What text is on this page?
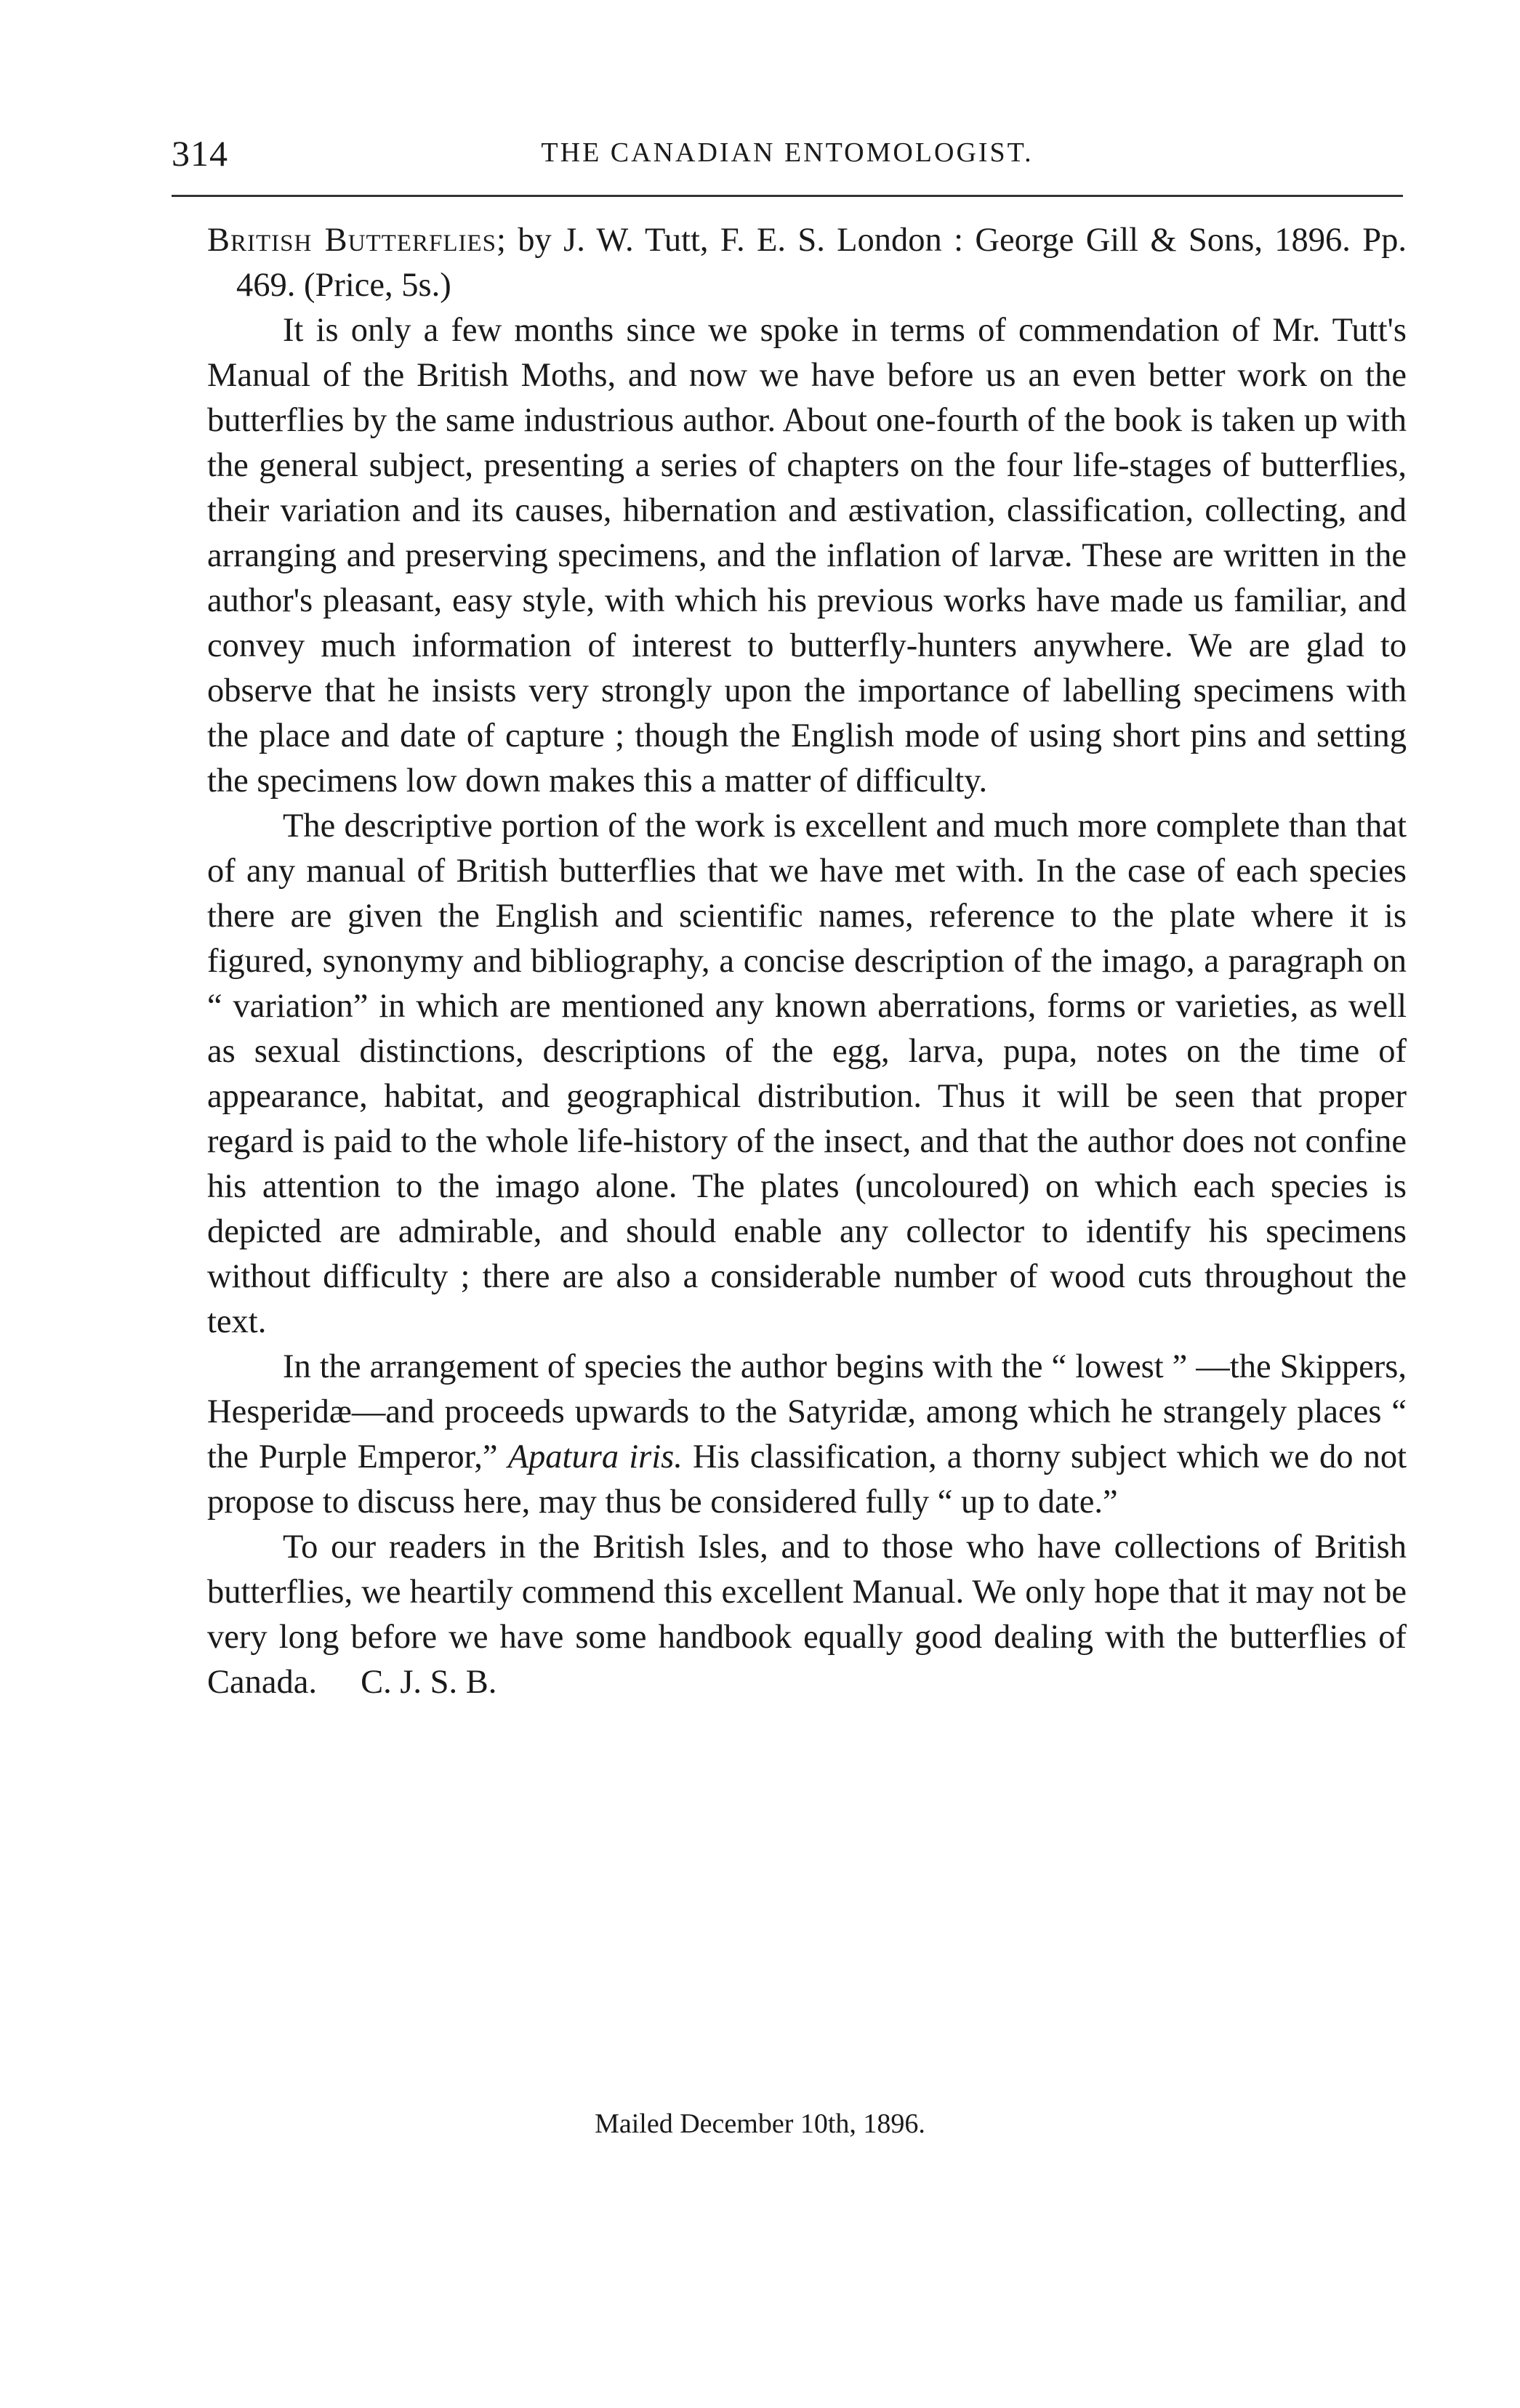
314	THE CANADIAN ENTOMOLOGIST.

British Butterflies; by J. W. Tutt, F. E. S. London : George Gill & Sons, 1896. Pp. 469. (Price, 5s.)

It is only a few months since we spoke in terms of commendation of Mr. Tutt's Manual of the British Moths, and now we have before us an even better work on the butterflies by the same industrious author. About one-fourth of the book is taken up with the general subject, presenting a series of chapters on the four life-stages of butterflies, their variation and its causes, hibernation and æstivation, classification, collecting, and arranging and preserving specimens, and the inflation of larvæ. These are written in the author's pleasant, easy style, with which his previous works have made us familiar, and convey much information of interest to butterfly-hunters anywhere. We are glad to observe that he insists very strongly upon the importance of labelling specimens with the place and date of capture ; though the English mode of using short pins and setting the specimens low down makes this a matter of difficulty.

The descriptive portion of the work is excellent and much more complete than that of any manual of British butterflies that we have met with. In the case of each species there are given the English and scientific names, reference to the plate where it is figured, synonymy and bibliography, a concise description of the imago, a paragraph on “ variation” in which are mentioned any known aberrations, forms or varieties, as well as sexual distinctions, descriptions of the egg, larva, pupa, notes on the time of appearance, habitat, and geographical distribution. Thus it will be seen that proper regard is paid to the whole life-history of the insect, and that the author does not confine his attention to the imago alone. The plates (uncoloured) on which each species is depicted are admirable, and should enable any collector to identify his specimens without difficulty ; there are also a considerable number of wood cuts throughout the text.

In the arrangement of species the author begins with the “ lowest ” —the Skippers, Hesperidæ—and proceeds upwards to the Satyridæ, among which he strangely places “ the Purple Emperor,” Apatura iris. His classification, a thorny subject which we do not propose to discuss here, may thus be considered fully “ up to date.”

To our readers in the British Isles, and to those who have collections of British butterflies, we heartily commend this excellent Manual. We only hope that it may not be very long before we have some handbook equally good dealing with the butterflies of Canada. C. J. S. B.

Mailed December 10th, 1896.
